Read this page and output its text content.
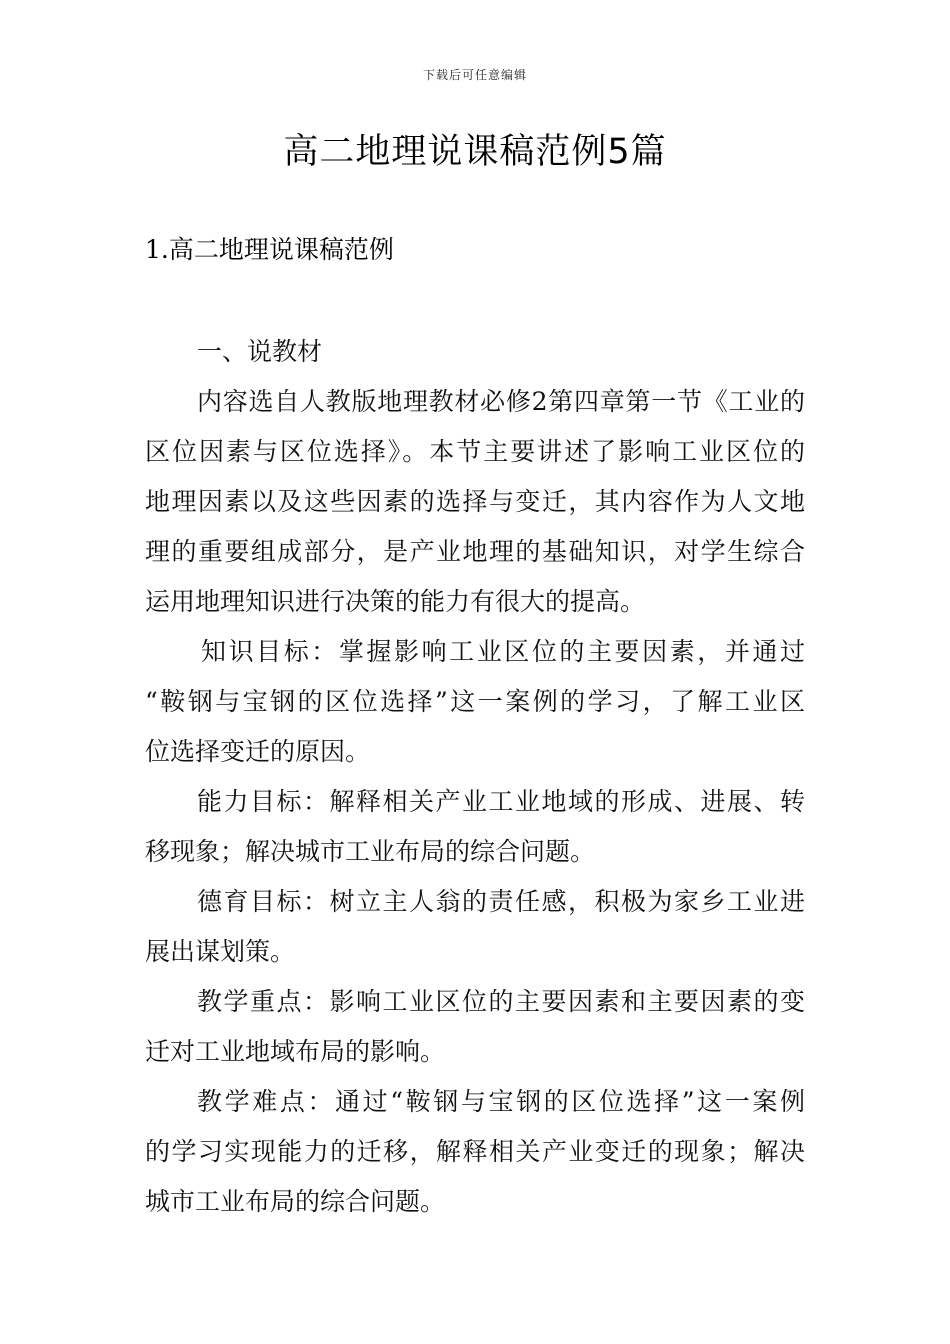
下载后可任意编辑
高二地理说课稿范例5篇
1.高二地理说课稿范例
一、说教材
内容选自人教版地理教材必修2第四章第一节《工业的
区位因素与区位选择》。本节主要讲述了影响工业区位的
地理因素以及这些因素的选择与变迁，其内容作为人文地
理的重要组成部分，是产业地理的基础知识，对学生综合
运用地理知识进行决策的能力有很大的提高。
知识目标：掌握影响工业区位的主要因素，并通过
“鞍钢与宝钢的区位选择”这一案例的学习，了解工业区
位选择变迁的原因。
能力目标：解释相关产业工业地域的形成、进展、转
移现象；解决城市工业布局的综合问题。
德育目标：树立主人翁的责任感，积极为家乡工业进
展出谋划策。
教学重点：影响工业区位的主要因素和主要因素的变
迁对工业地域布局的影响。
教学难点：通过“鞍钢与宝钢的区位选择”这一案例
的学习实现能力的迁移，解释相关产业变迁的现象；解决
城市工业布局的综合问题。
